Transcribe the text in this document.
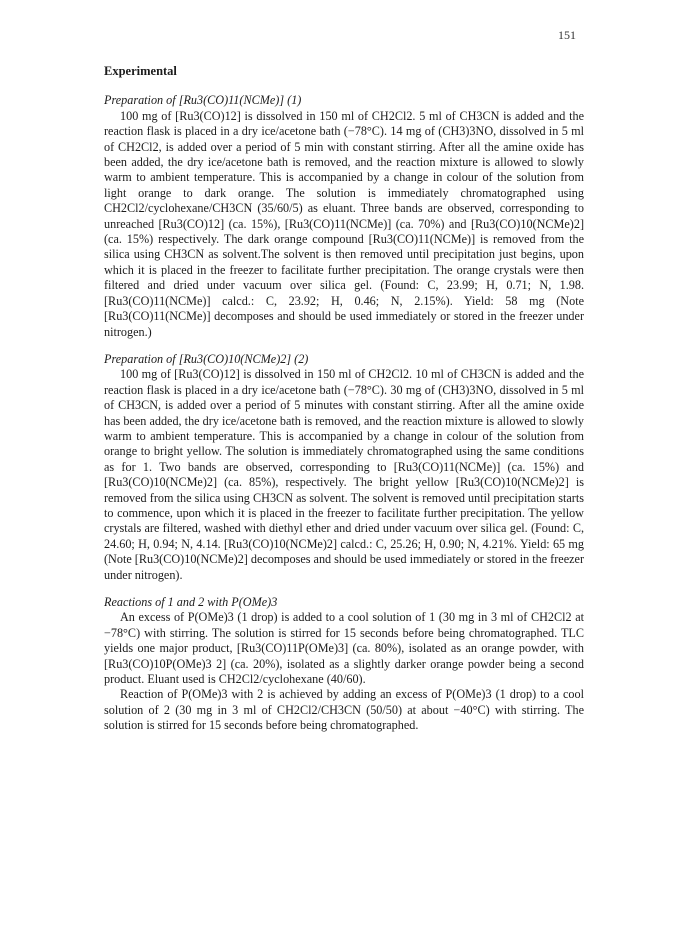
151
Experimental
Preparation of [Ru3(CO)11(NCMe)] (1)

100 mg of [Ru3(CO)12] is dissolved in 150 ml of CH2Cl2. 5 ml of CH3CN is added and the reaction flask is placed in a dry ice/acetone bath (−78°C). 14 mg of (CH3)3NO, dissolved in 5 ml of CH2Cl2, is added over a period of 5 min with constant stirring. After all the amine oxide has been added, the dry ice/acetone bath is removed, and the reaction mixture is allowed to slowly warm to ambient temperature. This is accompanied by a change in colour of the solution from light orange to dark orange. The solution is immediately chromatographed using CH2Cl2/cyclohexane/CH3CN (35/60/5) as eluant. Three bands are observed, corresponding to unreached [Ru3(CO)12] (ca. 15%), [Ru3(CO)11(NCMe)] (ca. 70%) and [Ru3(CO)10(NCMe)2] (ca. 15%) respectively. The dark orange compound [Ru3(CO)11(NCMe)] is removed from the silica using CH3CN as solvent.The solvent is then removed until precipitation just begins, upon which it is placed in the freezer to facilitate further precipitation. The orange crystals were then filtered and dried under vacuum over silica gel. (Found: C, 23.99; H, 0.71; N, 1.98. [Ru3(CO)11(NCMe)] calcd.: C, 23.92; H, 0.46; N, 2.15%). Yield: 58 mg (Note [Ru3(CO)11(NCMe)] decomposes and should be used immediately or stored in the freezer under nitrogen.)

Preparation of [Ru3(CO)10(NCMe)2] (2)

100 mg of [Ru3(CO)12] is dissolved in 150 ml of CH2Cl2. 10 ml of CH3CN is added and the reaction flask is placed in a dry ice/acetone bath (−78°C). 30 mg of (CH3)3NO, dissolved in 5 ml of CH3CN, is added over a period of 5 minutes with constant stirring. After all the amine oxide has been added, the dry ice/acetone bath is removed, and the reaction mixture is allowed to slowly warm to ambient temperature. This is accompanied by a change in colour of the solution from orange to bright yellow. The solution is immediately chromatographed using the same conditions as for 1. Two bands are observed, corresponding to [Ru3(CO)11(NCMe)] (ca. 15%) and [Ru3(CO)10(NCMe)2] (ca. 85%), respectively. The bright yellow [Ru3(CO)10(NCMe)2] is removed from the silica using CH3CN as solvent. The solvent is removed until precipitation starts to commence, upon which it is placed in the freezer to facilitate further precipitation. The yellow crystals are filtered, washed with diethyl ether and dried under vacuum over silica gel. (Found: C, 24.60; H, 0.94; N, 4.14. [Ru3(CO)10(NCMe)2] calcd.: C, 25.26; H, 0.90; N, 4.21%. Yield: 65 mg (Note [Ru3(CO)10(NCMe)2] decomposes and should be used immediately or stored in the freezer under nitrogen).

Reactions of 1 and 2 with P(OMe)3

An excess of P(OMe)3 (1 drop) is added to a cool solution of 1 (30 mg in 3 ml of CH2Cl2 at −78°C) with stirring. The solution is stirred for 15 seconds before being chromatographed. TLC yields one major product, [Ru3(CO)11P(OMe)3] (ca. 80%), isolated as an orange powder, with [Ru3(CO)10P(OMe)3 2] (ca. 20%), isolated as a slightly darker orange powder being a second product. Eluant used is CH2Cl2/cyclohexane (40/60).

Reaction of P(OMe)3 with 2 is achieved by adding an excess of P(OMe)3 (1 drop) to a cool solution of 2 (30 mg in 3 ml of CH2Cl2/CH3CN (50/50) at about −40°C) with stirring. The solution is stirred for 15 seconds before being chromatographed.
